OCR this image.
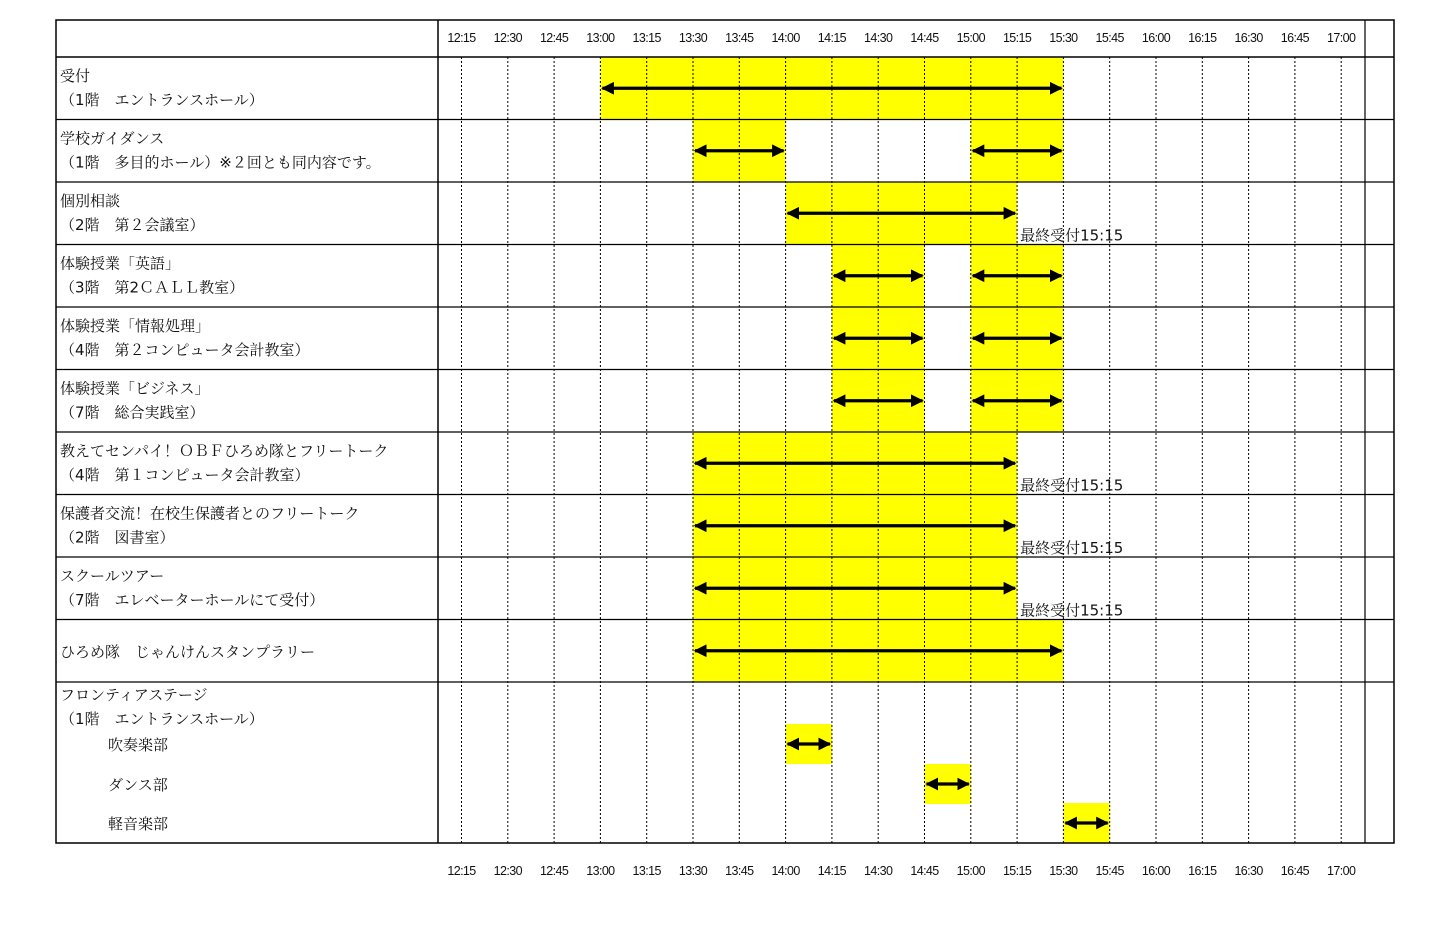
12:15
12:15
12:30
12:30
12:45
12:45
13:00
13:00
13:15
13:15
13:30
13:30
13:45
13:45
14:00
14:00
14:15
14:15
14:30
14:30
14:45
14:45
15:00
15:00
15:15
15:15
15:30
15:30
15:45
15:45
16:00
16:00
16:15
16:15
16:30
16:30
16:45
16:45
17:00
17:00
受付
（1階　エントランスホール）
学校ガイダンス
（1階　多目的ホール）※２回とも同内容です。
個別相談
（2階　第２会議室）
最終受付15:15
体験授業「英語」
（3階　第2ＣＡＬＬ教室）
体験授業「情報処理」
（4階　第２コンピュータ会計教室）
体験授業「ビジネス」
（7階　総合実践室）
教えてセンパイ！ＯＢＦひろめ隊とフリートーク
（4階　第１コンピュータ会計教室）
最終受付15:15
保護者交流！在校生保護者とのフリートーク
（2階　図書室）
最終受付15:15
スクールツアー
（7階　エレベーターホールにて受付）
最終受付15:15
ひろめ隊　じゃんけんスタンプラリー
フロンティアステージ
（1階　エントランスホール）
吹奏楽部
ダンス部
軽音楽部
